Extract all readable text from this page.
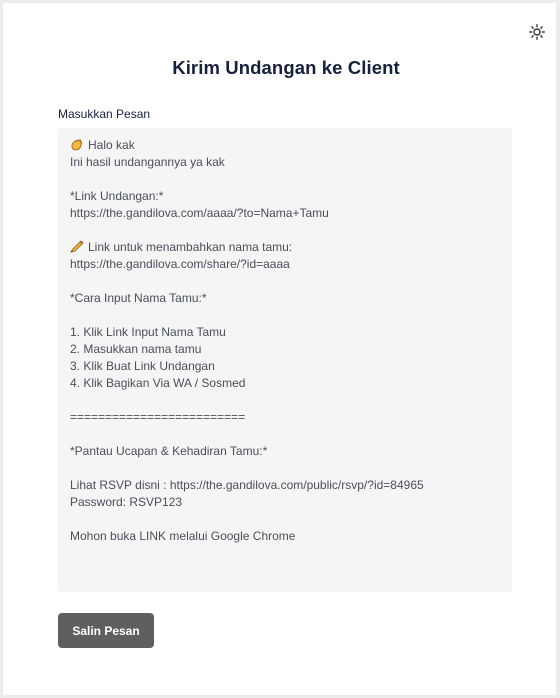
Kirim Undangan ke Client
Masukkan Pesan
Halo kak
Ini hasil undangannya ya kak
*Link Undangan:*
https://the.gandilova.com/aaaa/?to=Nama+Tamu
Link untuk menambahkan nama tamu:
https://the.gandilova.com/share/?id=aaaa
*Cara Input Nama Tamu:*
1. Klik Link Input Nama Tamu
2. Masukkan nama tamu
3. Klik Buat Link Undangan
4. Klik Bagikan Via WA / Sosmed
=========================
*Pantau Ucapan & Kehadiran Tamu:*
Lihat RSVP disni : https://the.gandilova.com/public/rsvp/?id=84965
Password: RSVP123
Mohon buka LINK melalui Google Chrome
Salin Pesan
